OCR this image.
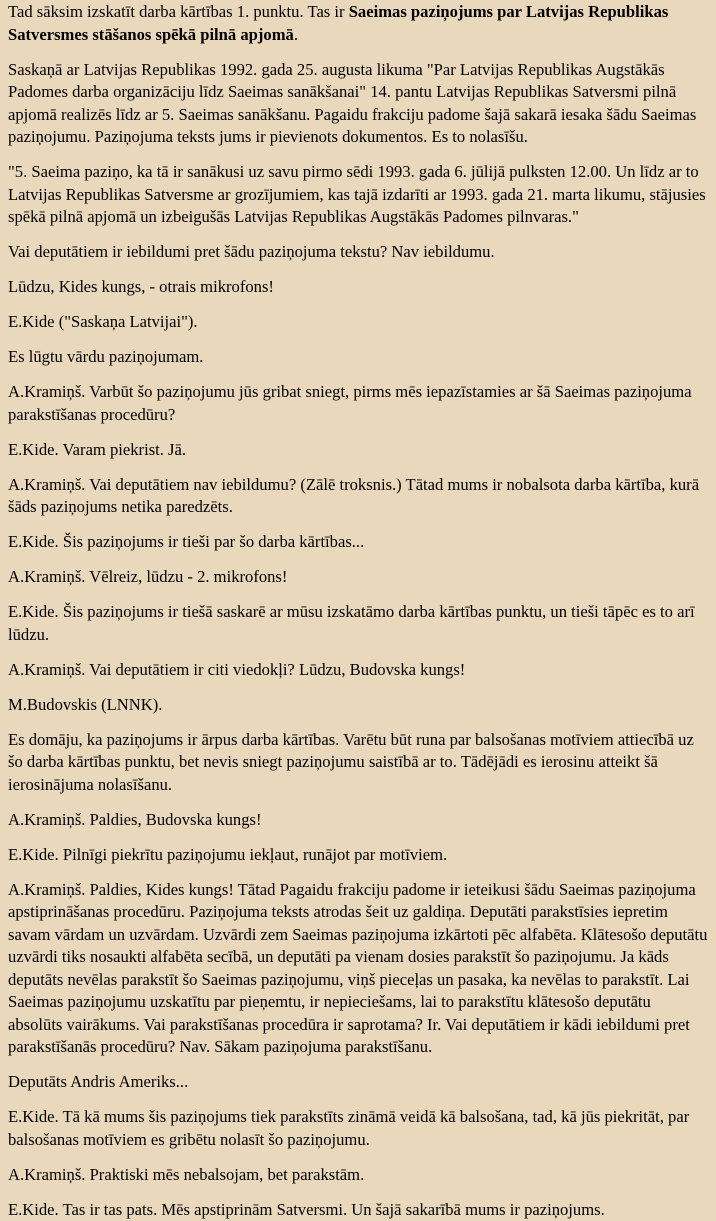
Tad sāksim izskatīt darba kārtības 1. punktu. Tas ir Saeimas paziņojums par Latvijas Republikas Satversmes stāšanos spēkā pilnā apjomā.

Saskaņā ar Latvijas Republikas 1992. gada 25. augusta likuma "Par Latvijas Republikas Augstākās Padomes darba organizāciju līdz Saeimas sanākšanai" 14. pantu Latvijas Republikas Satversmi pilnā apjomā realizēs līdz ar 5. Saeimas sanākšanu. Pagaidu frakciju padome šajā sakarā iesaka šādu Saeimas paziņojumu. Paziņojuma teksts jums ir pievienots dokumentos. Es to nolasīšu.

"5. Saeima paziņo, ka tā ir sanākusi uz savu pirmo sēdi 1993. gada 6. jūlijā pulksten 12.00. Un līdz ar to Latvijas Republikas Satversme ar grozījumiem, kas tajā izdarīti ar 1993. gada 21. marta likumu, stājusies spēkā pilnā apjomā un izbeigušās Latvijas Republikas Augstākās Padomes pilnvaras."

Vai deputātiem ir iebildumi pret šādu paziņojuma tekstu? Nav iebildumu.

Lūdzu, Kides kungs, - otrais mikrofons!

E.Kide ("Saskaņa Latvijai").

Es lūgtu vārdu paziņojumam.

A.Kramiņš. Varbūt šo paziņojumu jūs gribat sniegt, pirms mēs iepazīstamies ar šā Saeimas paziņojuma parakstīšanas procedūru?

E.Kide. Varam piekrist. Jā.

A.Kramiņš. Vai deputātiem nav iebildumu? (Zālē troksnis.) Tātad mums ir nobalsota darba kārtība, kurā šāds paziņojums netika paredzēts.

E.Kide. Šis paziņojums ir tieši par šo darba kārtības...

A.Kramiņš. Vēlreiz, lūdzu - 2. mikrofons!

E.Kide. Šis paziņojums ir tiešā saskarē ar mūsu izskatāmo darba kārtības punktu, un tieši tāpēc es to arī lūdzu.

A.Kramiņš. Vai deputātiem ir citi viedokļi? Lūdzu, Budovska kungs!

M.Budovskis (LNNK).

Es domāju, ka paziņojums ir ārpus darba kārtības. Varētu būt runa par balsošanas motīviem attiecībā uz šo darba kārtības punktu, bet nevis sniegt paziņojumu saistībā ar to. Tādējādi es ierosinu atteikt šā ierosinājuma nolasīšanu.

A.Kramiņš. Paldies, Budovska kungs!

E.Kide. Pilnīgi piekrītu paziņojumu iekļaut, runājot par motīviem.

A.Kramiņš. Paldies, Kides kungs! Tātad Pagaidu frakciju padome ir ieteikusi šādu Saeimas paziņojuma apstiprināšanas procedūru. Paziņojuma teksts atrodas šeit uz galdiņa. Deputāti parakstīsies iepretim savam vārdam un uzvārdam. Uzvārdi zem Saeimas paziņojuma izkārtoti pēc alfabēta. Klātesošo deputātu uzvārdi tiks nosaukti alfabēta secībā, un deputāti pa vienam dosies parakstīt šo paziņojumu. Ja kāds deputāts nevēlas parakstīt šo Saeimas paziņojumu, viņš pieceļas un pasaka, ka nevēlas to parakstīt. Lai Saeimas paziņojumu uzskatītu par pieņemtu, ir nepieciešams, lai to parakstītu klātesošo deputātu absolūts vairākums. Vai parakstīšanas procedūra ir saprotama? Ir. Vai deputātiem ir kādi iebildumi pret parakstīšanās procedūru? Nav. Sākam paziņojuma parakstīšanu.

Deputāts Andris Ameriks...

E.Kide. Tā kā mums šis paziņojums tiek parakstīts zināmā veidā kā balsošana, tad, kā jūs piekritāt, par balsošanas motīviem es gribētu nolasīt šo paziņojumu.

A.Kramiņš. Praktiski mēs nebalsojam, bet parakstām.

E.Kide. Tas ir tas pats. Mēs apstiprinām Satversmi. Un šajā sakarībā mums ir paziņojums.
